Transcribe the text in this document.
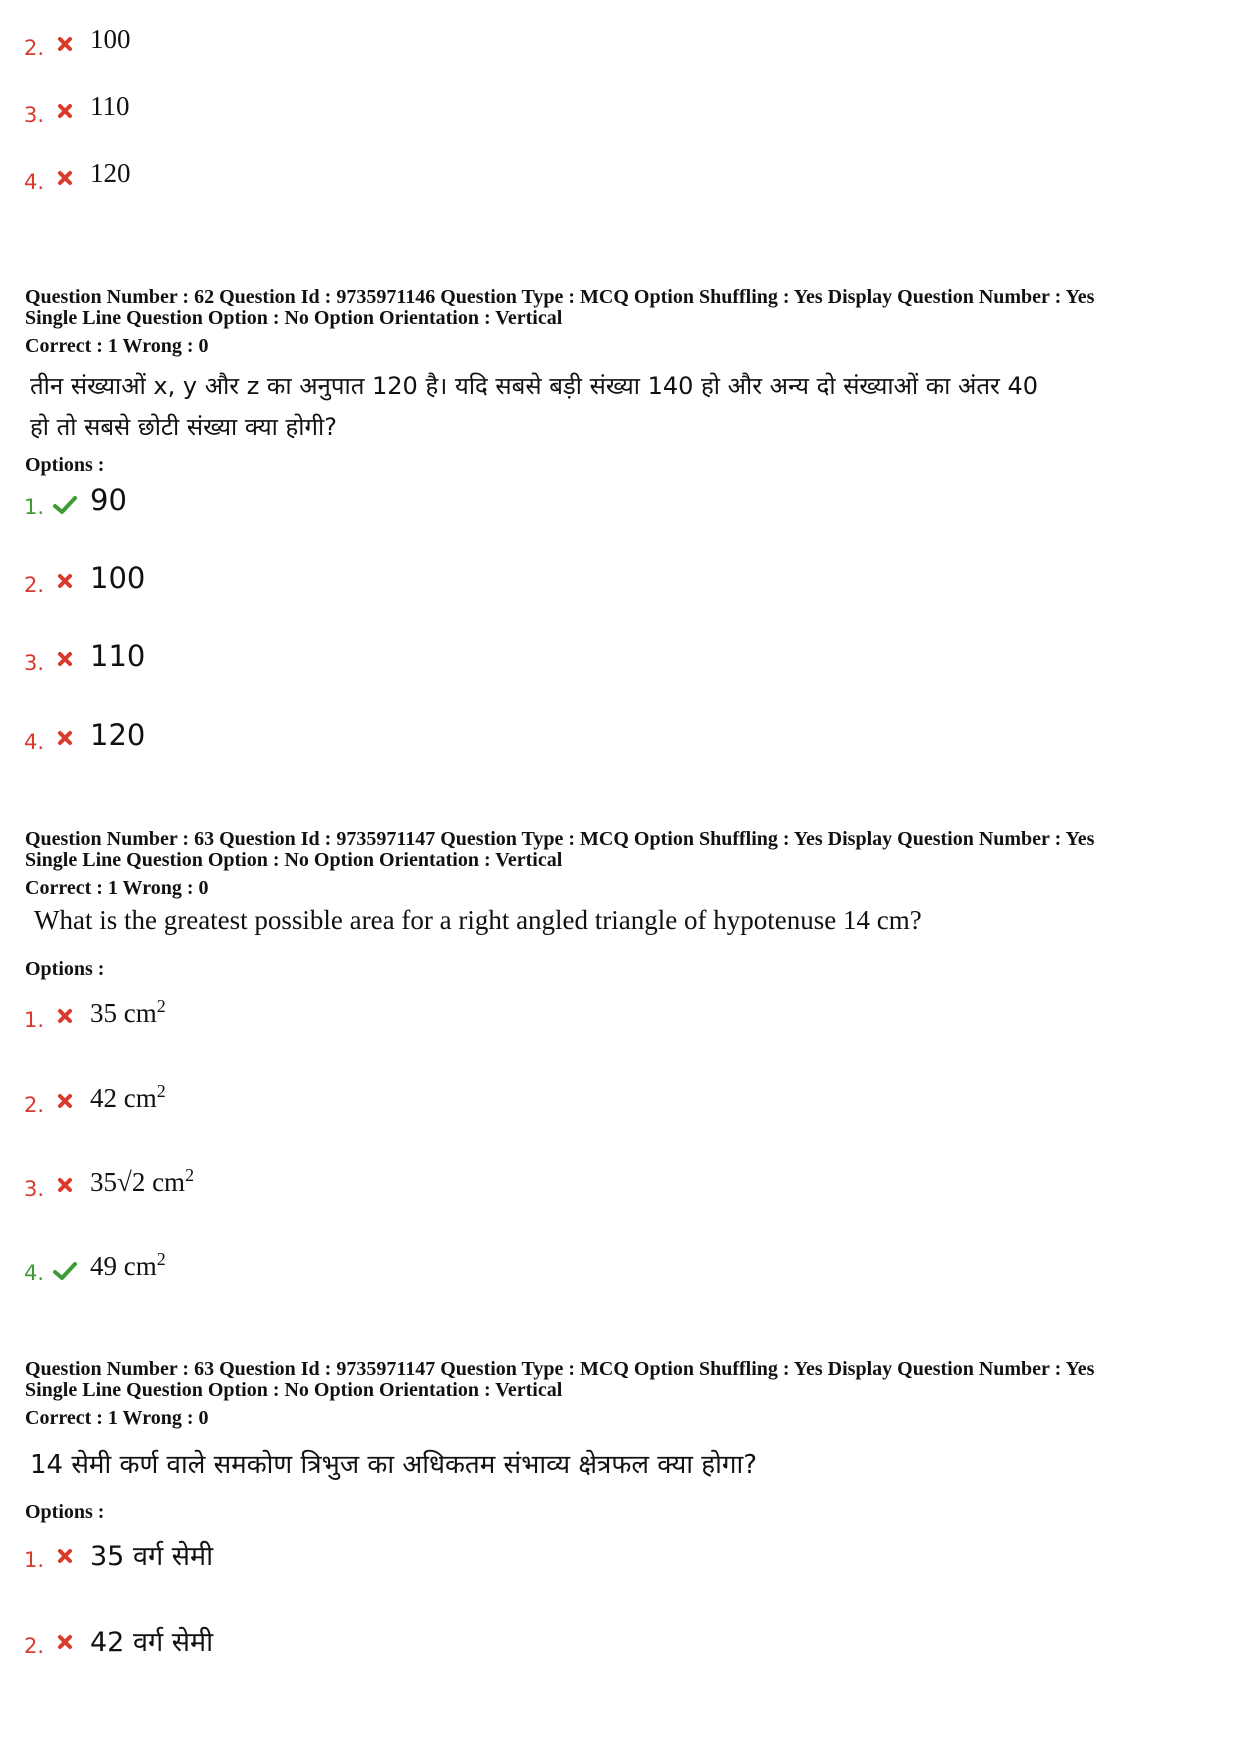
2. 100
3. 110
4. 120
Question Number : 62 Question Id : 9735971146 Question Type : MCQ Option Shuffling : Yes Display Question Number : Yes
Single Line Question Option : No Option Orientation : Vertical
Correct : 1 Wrong : 0
तीन संख्याओं x, y और z का अनुपात 120 है। यदि सबसे बड़ी संख्या 140 हो और अन्य दो संख्याओं का अंतर 40
हो तो सबसे छोटी संख्या क्या होगी?
Options :
1. 90
2. 100
3. 110
4. 120
Question Number : 63 Question Id : 9735971147 Question Type : MCQ Option Shuffling : Yes Display Question Number : Yes
Single Line Question Option : No Option Orientation : Vertical
Correct : 1 Wrong : 0
What is the greatest possible area for a right angled triangle of hypotenuse 14 cm?
Options :
1. 35 $cm^2$
2. 42 $cm^2$
3. 35√2 $cm^2$
4. 49 $cm^2$
Question Number : 63 Question Id : 9735971147 Question Type : MCQ Option Shuffling : Yes Display Question Number : Yes
Single Line Question Option : No Option Orientation : Vertical
Correct : 1 Wrong : 0
14 सेमी कर्ण वाले समकोण त्रिभुज का अधिकतम संभाव्य क्षेत्रफल क्या होगा?
Options :
1. 35 वर्ग सेमी
2. 42 वर्ग सेमी
